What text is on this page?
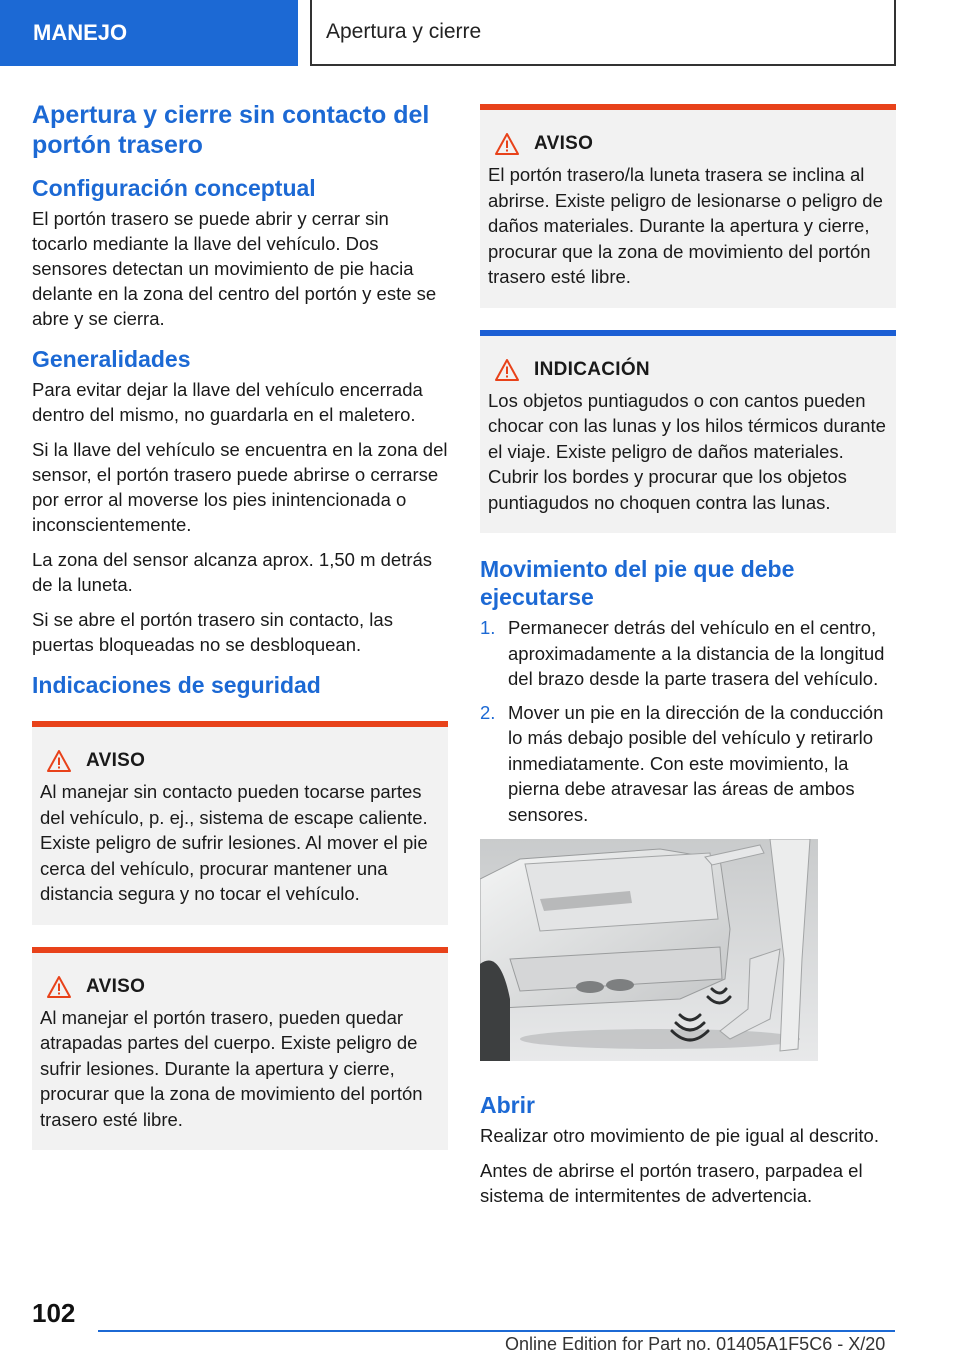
MANEJO	Apertura y cierre
Apertura y cierre sin contacto del portón trasero
Configuración conceptual
El portón trasero se puede abrir y cerrar sin tocarlo mediante la llave del vehículo. Dos sensores detectan un movimiento de pie hacia delante en la zona del centro del portón y este se abre y se cierra.
Generalidades
Para evitar dejar la llave del vehículo encerrada dentro del mismo, no guardarla en el maletero.
Si la llave del vehículo se encuentra en la zona del sensor, el portón trasero puede abrirse o cerrarse por error al moverse los pies inintencionada o inconscientemente.
La zona del sensor alcanza aprox. 1,50 m detrás de la luneta.
Si se abre el portón trasero sin contacto, las puertas bloqueadas no se desbloquean.
Indicaciones de seguridad
AVISO
Al manejar sin contacto pueden tocarse partes del vehículo, p. ej., sistema de escape caliente. Existe peligro de sufrir lesiones. Al mover el pie cerca del vehículo, procurar mantener una distancia segura y no tocar el vehículo.
AVISO
Al manejar el portón trasero, pueden quedar atrapadas partes del cuerpo. Existe peligro de sufrir lesiones. Durante la apertura y cierre, procurar que la zona de movimiento del portón trasero esté libre.
AVISO
El portón trasero/la luneta trasera se inclina al abrirse. Existe peligro de lesionarse o peligro de daños materiales. Durante la apertura y cierre, procurar que la zona de movimiento del portón trasero esté libre.
INDICACIÓN
Los objetos puntiagudos o con cantos pueden chocar con las lunas y los hilos térmicos durante el viaje. Existe peligro de daños materiales. Cubrir los bordes y procurar que los objetos puntiagudos no choquen contra las lunas.
Movimiento del pie que debe ejecutarse
1. Permanecer detrás del vehículo en el centro, aproximadamente a la distancia de la longitud del brazo desde la parte trasera del vehículo.
2. Mover un pie en la dirección de la conducción lo más debajo posible del vehículo y retirarlo inmediatamente. Con este movimiento, la pierna debe atravesar las áreas de ambos sensores.
Abrir
Realizar otro movimiento de pie igual al descrito.
Antes de abrirse el portón trasero, parpadea el sistema de intermitentes de advertencia.
102
Online Edition for Part no. 01405A1F5C6 - X/20
